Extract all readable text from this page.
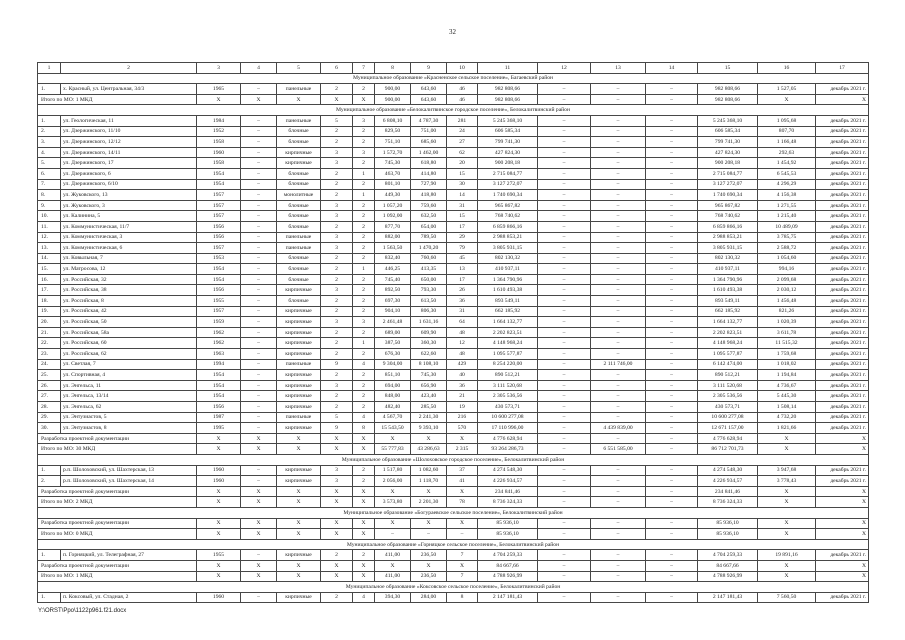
32
1	2	3	4	5	6	7	8	9	10	11	12	13	14	15	16	17
Муниципальное образование «Красненское сельское поселение», Багаевский район																
1.	х. Красный, ул. Центральная, 34/3	1965	–	панельные	2	2	900,00	643,60	46	982 808,66	–	–	–	982 808,66	1 527,05	декабрь 2021 г.
Итого по МО: 1 МКД		X	X	X	X	X	900,00	643,60	46	982 808,66	–	–	–	982 808,66	X	X
Муниципальное образование «Белокалитвинское городское поселение», Белокалитвинский район																
1.	ул. Геологическая, 11	1984	–	панельные	5	3	6 808,10	4 787,30	281	5 245 368,10	–	–	–	5 245 368,10	1 095,68	декабрь 2021 г.
2.	ул. Дзержинского, 11/10	1952	–	блочные	2	2	829,50	751,00	24	606 585,34	–	–	–	606 585,34	807,70	декабрь 2021 г.
3.	ул. Дзержинского, 12/12	1958	–	блочные	2	2	751,10	685,60	27	799 741,30	–	–	–	799 741,30	1 166,48	декабрь 2021 г.
4.	ул. Дзержинского, 14/11	1960	–	кирпичные	3	3	1 572,70	1 462,00	62	427 824,30	–	–	–	427 824,30	292,63	декабрь 2021 г.
5.	ул. Дзержинского, 17	1958	–	кирпичные	3	2	745,30	618,80	20	900 208,18	–	–	–	900 208,18	1 454,92	декабрь 2021 г.
6.	ул. Дзержинского, 6	1954	–	блочные	2	1	463,70	414,80	15	2 715 084,77	–	–	–	2 715 084,77	6 545,53	декабрь 2021 г.
7.	ул. Дзержинского, 6/10	1954	–	блочные	2	2	801,10	727,90	30	3 127 272,07	–	–	–	3 127 272,07	4 296,29	декабрь 2021 г.
8.	ул. Жуковского, 13	1957	–	монолитные	2	1	449,30	418,80	14	1 740 690,34	–	–	–	1 740 690,34	4 156,38	декабрь 2021 г.
9.	ул. Жуковского, 3	1957	–	блочные	3	2	1 057,20	759,60	31	965 867,82	–	–	–	965 867,82	1 271,55	декабрь 2021 г.
10.	ул. Калинина, 5	1957	–	блочные	3	2	1 092,00	632,50	15	768 740,62	–	–	–	768 740,62	1 215,40	декабрь 2021 г.
11.	ул. Коммунистическая, 11/7	1956	–	блочные	2	2	877,70	654,00	17	6 859 866,16	–	–	–	6 859 866,16	10 489,09	декабрь 2021 г.
12.	ул. Коммунистическая, 3	1956	–	панельные	3	2	882,00	789,50	29	2 988 853,21	–	–	–	2 988 853,21	3 785,75	декабрь 2021 г.
13.	ул. Коммунистическая, 6	1957	–	панельные	3	2	1 563,50	1 470,20	79	3 805 931,15	–	–	–	3 805 931,15	2 588,72	декабрь 2021 г.
14.	ул. Ковыльная, 7	1953	–	блочные	2	2	832,40	760,60	45	802 130,32	–	–	–	802 130,32	1 054,60	декабрь 2021 г.
15.	ул. Матросова, 12	1954	–	блочные	2	1	446,25	413,35	13	410 937,11	–	–	–	410 937,11	994,16	декабрь 2021 г.
16.	ул. Российская, 32	1954	–	блочные	2	2	745,40	650,00	17	1 364 790,96	–	–	–	1 364 790,96	2 099,68	декабрь 2021 г.
17.	ул. Российская, 38	1956	–	кирпичные	3	2	892,50	793,30	26	1 610 493,38	–	–	–	1 610 493,38	2 030,12	декабрь 2021 г.
18.	ул. Российская, 8	1955	–	блочные	2	2	697,30	613,50	36	893 549,11	–	–	–	893 549,11	1 456,48	декабрь 2021 г.
19.	ул. Российская, 42	1957	–	кирпичные	2	2	904,10	806,30	31	662 185,92	–	–	–	662 185,92	821,26	декабрь 2021 г.
20.	ул. Российская, 50	1959	–	кирпичные	3	3	2 461,48	1 631,16	64	1 664 132,77	–	–	–	1 664 132,77	1 020,39	декабрь 2021 г.
21.	ул. Российская, 58а	1962	–	кирпичные	2	2	689,00	609,90	48	2 202 823,51	–	–	–	2 202 823,51	3 611,78	декабрь 2021 г.
22.	ул. Российская, 60	1962	–	кирпичные	2	1	387,50	360,30	12	4 148 968,24	–	–	–	4 148 968,24	11 515,32	декабрь 2021 г.
23.	ул. Российская, 62	1963	–	кирпичные	2	2	676,30	622,60	48	1 095 577,87	–	–	–	1 095 577,87	1 759,68	декабрь 2021 г.
24.	ул. Светлая, 7	1994	–	панельные	9	4	9 304,00	8 108,10	429	8 254 220,00	–	2 111 746,00	–	6 142 474,00	1 018,02	декабрь 2021 г.
25.	ул. Спортивная, 4	1954	–	кирпичные	2	2	851,10	745,30	40	890 512,21	–	–	–	890 512,21	1 194,84	декабрь 2021 г.
26.	ул. Энгельса, 11	1954	–	кирпичные	3	2	694,00	656,90	36	3 111 520,68	–	–	–	3 111 520,68	4 736,67	декабрь 2021 г.
27.	ул. Энгельса, 13/14	1954	–	кирпичные	2	2	848,00	423,40	21	2 305 536,56	–	–	–	2 305 536,56	5 445,30	декабрь 2021 г.
28.	ул. Энгельса, 62	1956	–	кирпичные	2	2	482,40	285,50	19	430 573,71	–	–	–	430 573,71	1 508,14	декабрь 2021 г.
29.	ул. Энтузиастов, 5	1987	–	панельные	5	4	4 567,70	2 241,30	216	10 600 277,08	–	–	–	10 600 277,08	4 732,20	декабрь 2021 г.
30.	ул. Энтузиастов, 8	1995	–	кирпичные	9	8	15 543,50	9 393,10	570	17 110 996,00	–	4 439 839,00	–	12 671 157,00	1 821,66	декабрь 2021 г.
Разработка проектной документации		X	X	X	X	X	X	X	X	4 776 628,94	–	–	–	4 776 628,94	X	X
Итого по МО: 30 МКД		X	X	X	X	X	55 777,83	43 286,63	2 315	93 264 286,73	–	6 551 585,00	–	86 712 701,73	X	X
Муниципальное образование «Шолоховское городское поселение», Белокалитвинский район																
1.	р.п. Шолоховский, ул. Шахтерская, 13	1960	–	кирпичные	3	2	1 517,80	1 082,60	37	4 274 548,30	–	–	–	4 274 548,30	3 947,68	декабрь 2021 г.
2.	р.п. Шолоховский, ул. Шахтерская, 14	1960	–	кирпичные	3	2	2 056,00	1 118,70	41	4 226 934,57	–	–	–	4 226 934,57	3 778,43	декабрь 2021 г.
Разработка проектной документации		X	X	X	X	X	X	X	X	234 841,46	–	–	–	234 841,46	X	X
Итого по МО: 2 МКД		X	X	X	X	X	3 573,80	2 201,30	78	8 736 324,33	–	–	–	8 736 324,33	X	X
Муниципальное образование «Богураевское сельское поселение», Белокалитвинский район																
Разработка проектной документации		X	X	X	X	X	X	X	X	85 936,10	–	–	–	85 936,10	X	X
Итого по МО: 0 МКД		X	X	X	X	X	–	–	–	85 936,10	–	–	–	85 936,10	X	X
Муниципальное образование «Горняцкое сельское поселение», Белокалитвинский район																
1.	п. Горняцкий, ул. Телеграфная, 27	1955	–	кирпичные	2	2	411,00	236,50	7	4 704 259,33	–	–	–	4 704 259,33	19 891,16	декабрь 2021 г.
Разработка проектной документации		X	X	X	X	X	X	X	X	84 667,66	–	–	–	84 667,66	X	X
Итого по МО: 1 МКД		X	X	X	X	X	411,00	236,50	7	4 788 926,99	–	–	–	4 788 926,99	X	X
Муниципальное образование «Коксовское сельское поселение», Белокалитвинский район																
1.	п. Коксовый, ул. Стадная, 2	1960	–	кирпичные	2	4	394,30	284,00	8	2 147 181,43	–	–	–	2 147 181,43	7 560,50	декабрь 2021 г.
Y:\ORST\Ppo\1122p961.f21.docx
